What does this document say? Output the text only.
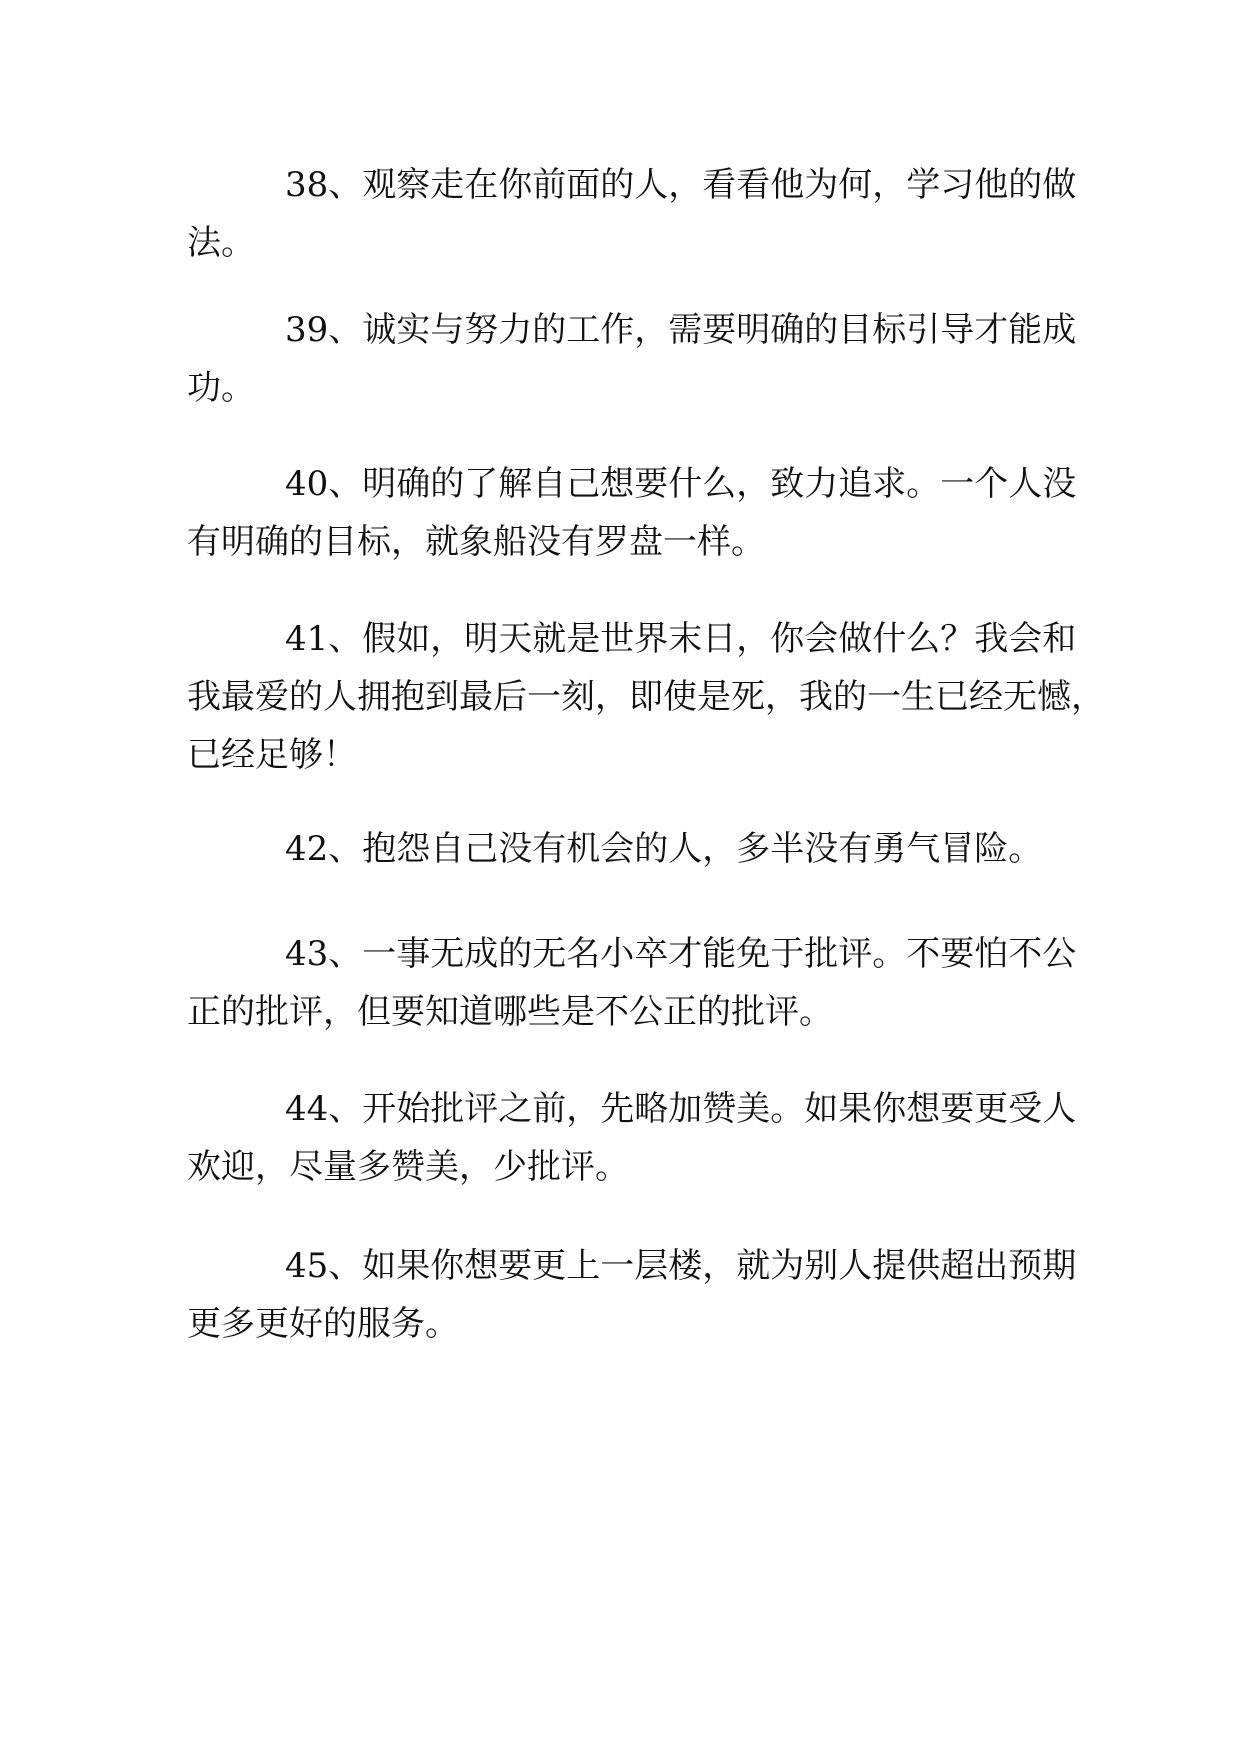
38、观察走在你前面的人，看看他为何，学习他的做
法。

39、诚实与努力的工作，需要明确的目标引导才能成
功。

40、明确的了解自己想要什么，致力追求。一个人没
有明确的目标，就象船没有罗盘一样。

41、假如，明天就是世界末日，你会做什么？我会和
我最爱的人拥抱到最后一刻，即使是死，我的一生已经无憾，
已经足够！

42、抱怨自己没有机会的人，多半没有勇气冒险。

43、一事无成的无名小卒才能免于批评。不要怕不公
正的批评，但要知道哪些是不公正的批评。

44、开始批评之前，先略加赞美。如果你想要更受人
欢迎，尽量多赞美，少批评。

45、如果你想要更上一层楼，就为别人提供超出预期
更多更好的服务。
